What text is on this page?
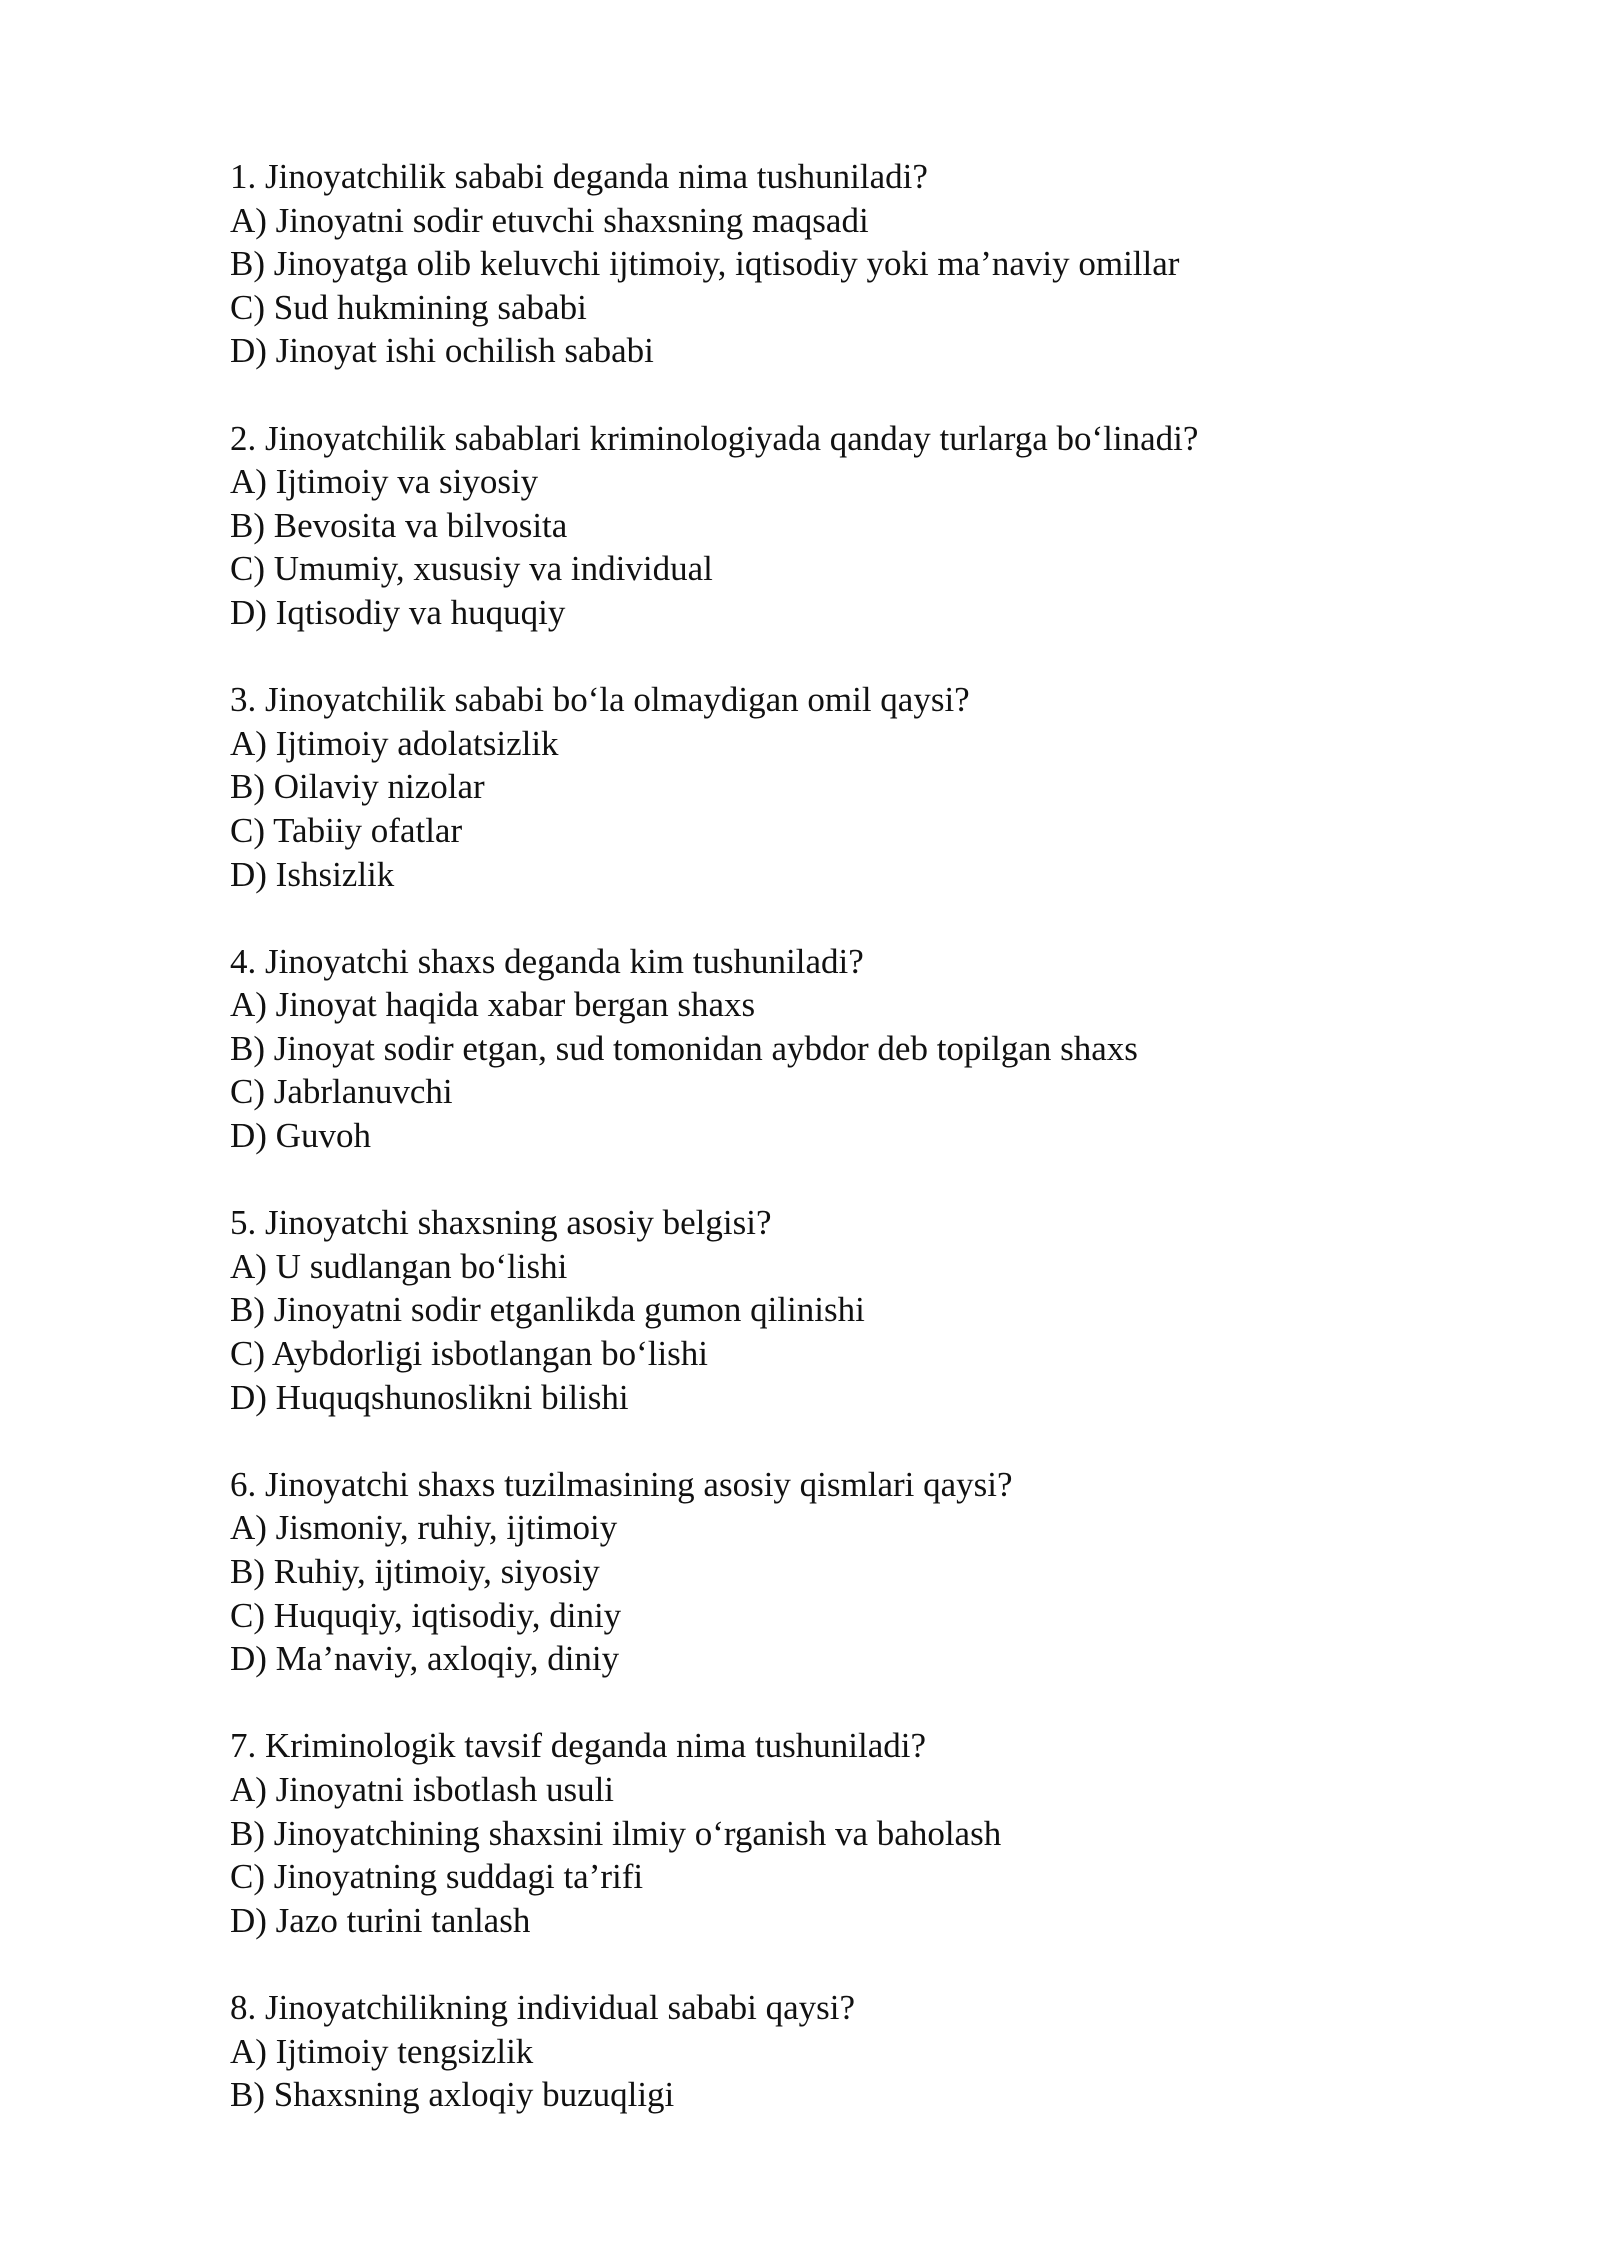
1. Jinoyatchilik sababi deganda nima tushuniladi?
A) Jinoyatni sodir etuvchi shaxsning maqsadi
B) Jinoyatga olib keluvchi ijtimoiy, iqtisodiy yoki ma’naviy omillar
C) Sud hukmining sababi
D) Jinoyat ishi ochilish sababi
2. Jinoyatchilik sabablari kriminologiyada qanday turlarga bo‘linadi?
A) Ijtimoiy va siyosiy
B) Bevosita va bilvosita
C) Umumiy, xususiy va individual
D) Iqtisodiy va huquqiy
3. Jinoyatchilik sababi bo‘la olmaydigan omil qaysi?
A) Ijtimoiy adolatsizlik
B) Oilaviy nizolar
C) Tabiiy ofatlar
D) Ishsizlik
4. Jinoyatchi shaxs deganda kim tushuniladi?
A) Jinoyat haqida xabar bergan shaxs
B) Jinoyat sodir etgan, sud tomonidan aybdor deb topilgan shaxs
C) Jabrlanuvchi
D) Guvoh
5. Jinoyatchi shaxsning asosiy belgisi?
A) U sudlangan bo‘lishi
B) Jinoyatni sodir etganlikda gumon qilinishi
C) Aybdorligi isbotlangan bo‘lishi
D) Huquqshunoslikni bilishi
6. Jinoyatchi shaxs tuzilmasining asosiy qismlari qaysi?
A) Jismoniy, ruhiy, ijtimoiy
B) Ruhiy, ijtimoiy, siyosiy
C) Huquqiy, iqtisodiy, diniy
D) Ma’naviy, axloqiy, diniy
7. Kriminologik tavsif deganda nima tushuniladi?
A) Jinoyatni isbotlash usuli
B) Jinoyatchining shaxsini ilmiy o‘rganish va baholash
C) Jinoyatning suddagi ta’rifi
D) Jazo turini tanlash
8. Jinoyatchilikning individual sababi qaysi?
A) Ijtimoiy tengsizlik
B) Shaxsning axloqiy buzuqligi
